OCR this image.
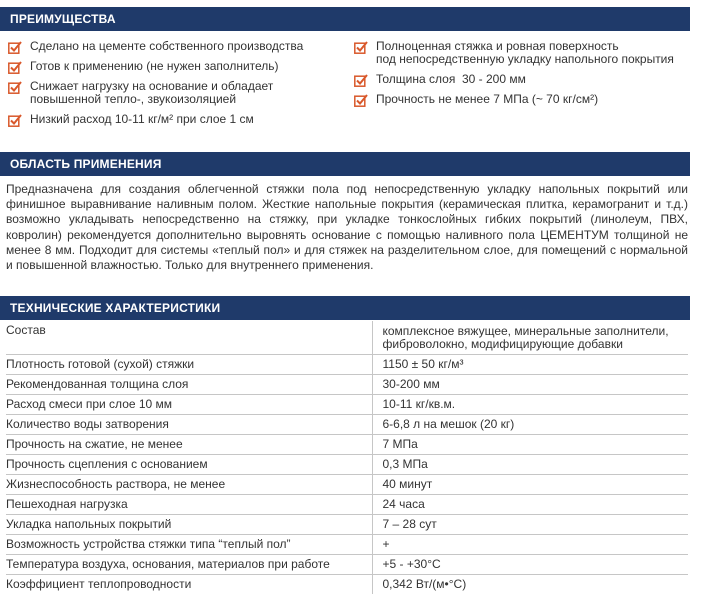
ПРЕИМУЩЕСТВА
Сделано на цементе собственного производства
Готов к применению (не нужен заполнитель)
Снижает нагрузку на основание и обладает
повышенной тепло-, звукоизоляцией
Низкий расход 10-11 кг/м² при слое 1 см
Полноценная стяжка и ровная поверхность
под непосредственную укладку напольного покрытия
Толщина слоя  30 - 200 мм
Прочность не менее 7 МПа (~ 70 кг/см²)
ОБЛАСТЬ ПРИМЕНЕНИЯ
Предназначена для создания облегченной стяжки пола под непосредственную укладку напольных покрытий или финишное выравнивание наливным полом. Жесткие напольные покрытия (керамическая плитка, керамогранит и т.д.) возможно укладывать непосредственно на стяжку, при укладке тонкослойных гибких покрытий (линолеум, ПВХ, ковролин) рекомендуется дополнительно выровнять основание с помощью наливного пола ЦЕМЕНТУМ толщиной не менее 8 мм. Подходит для системы «теплый пол» и для стяжек на разделительном слое, для помещений с нормальной и повышенной влажностью. Только для внутреннего применения.
ТЕХНИЧЕСКИЕ ХАРАКТЕРИСТИКИ
Состав	комплексное вяжущее, минеральные заполнители, фиброволокно, модифицирующие добавки
Плотность готовой (сухой) стяжки	1150 ± 50 кг/м³
Рекомендованная толщина слоя	30-200 мм
Расход смеси при слое 10 мм	10-11 кг/кв.м.
Количество воды затворения	6-6,8 л на мешок (20 кг)
Прочность на сжатие, не менее	7 МПа
Прочность сцепления с основанием	0,3 МПа
Жизнеспособность раствора, не менее	40 минут
Пешеходная нагрузка	24 часа
Укладка напольных покрытий	7 – 28 сут
Возможность устройства стяжки типа “теплый пол”	+
Температура воздуха, основания, материалов при работе	+5 - +30°С
Коэффициент теплопроводности	0,342 Вт/(м•°С)
